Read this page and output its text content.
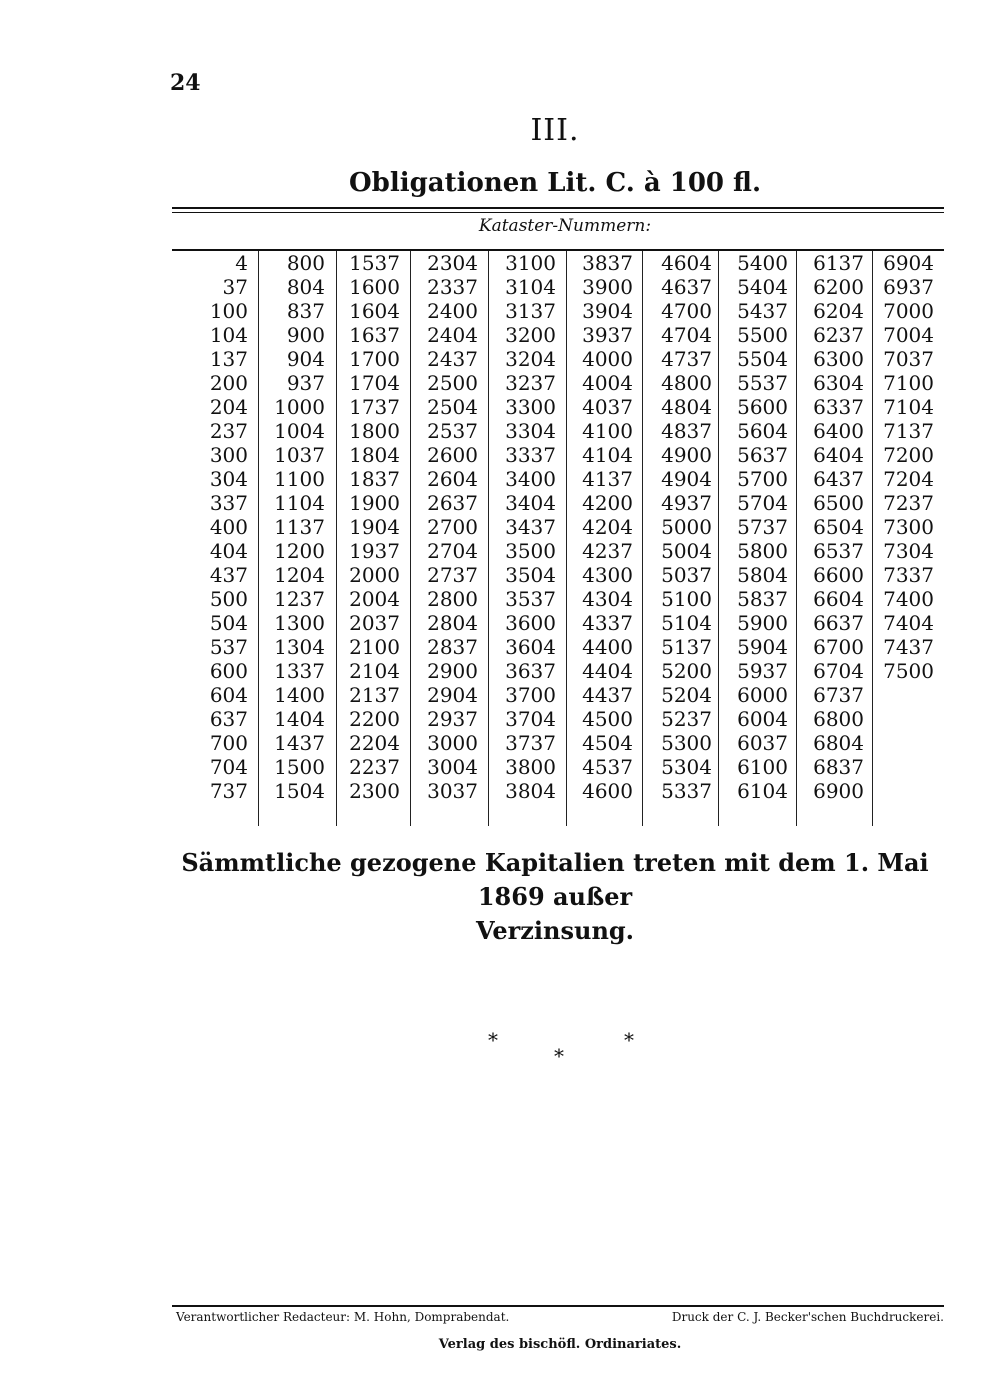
24
III.
Obligationen Lit. C. à 100 fl.
Kataster-Nummern:
4
37
100
104
137
200
204
237
300
304
337
400
404
437
500
504
537
600
604
637
700
704
737
800
804
837
900
904
937
1000
1004
1037
1100
1104
1137
1200
1204
1237
1300
1304
1337
1400
1404
1437
1500
1504
1537
1600
1604
1637
1700
1704
1737
1800
1804
1837
1900
1904
1937
2000
2004
2037
2100
2104
2137
2200
2204
2237
2300
2304
2337
2400
2404
2437
2500
2504
2537
2600
2604
2637
2700
2704
2737
2800
2804
2837
2900
2904
2937
3000
3004
3037
3100
3104
3137
3200
3204
3237
3300
3304
3337
3400
3404
3437
3500
3504
3537
3600
3604
3637
3700
3704
3737
3800
3804
3837
3900
3904
3937
4000
4004
4037
4100
4104
4137
4200
4204
4237
4300
4304
4337
4400
4404
4437
4500
4504
4537
4600
4604
4637
4700
4704
4737
4800
4804
4837
4900
4904
4937
5000
5004
5037
5100
5104
5137
5200
5204
5237
5300
5304
5337
5400
5404
5437
5500
5504
5537
5600
5604
5637
5700
5704
5737
5800
5804
5837
5900
5904
5937
6000
6004
6037
6100
6104
6137
6200
6204
6237
6300
6304
6337
6400
6404
6437
6500
6504
6537
6600
6604
6637
6700
6704
6737
6800
6804
6837
6900
6904
6937
7000
7004
7037
7100
7104
7137
7200
7204
7237
7300
7304
7337
7400
7404
7437
7500
Sämmtliche gezogene Kapitalien treten mit dem 1. Mai 1869 außer
Verzinsung.
*
*
*
Verantwortlicher Redacteur: M. Hohn, Domprabendat.	Druck der C. J. Becker'schen Buchdruckerei.
Verlag des bischöfl. Ordinariates.
